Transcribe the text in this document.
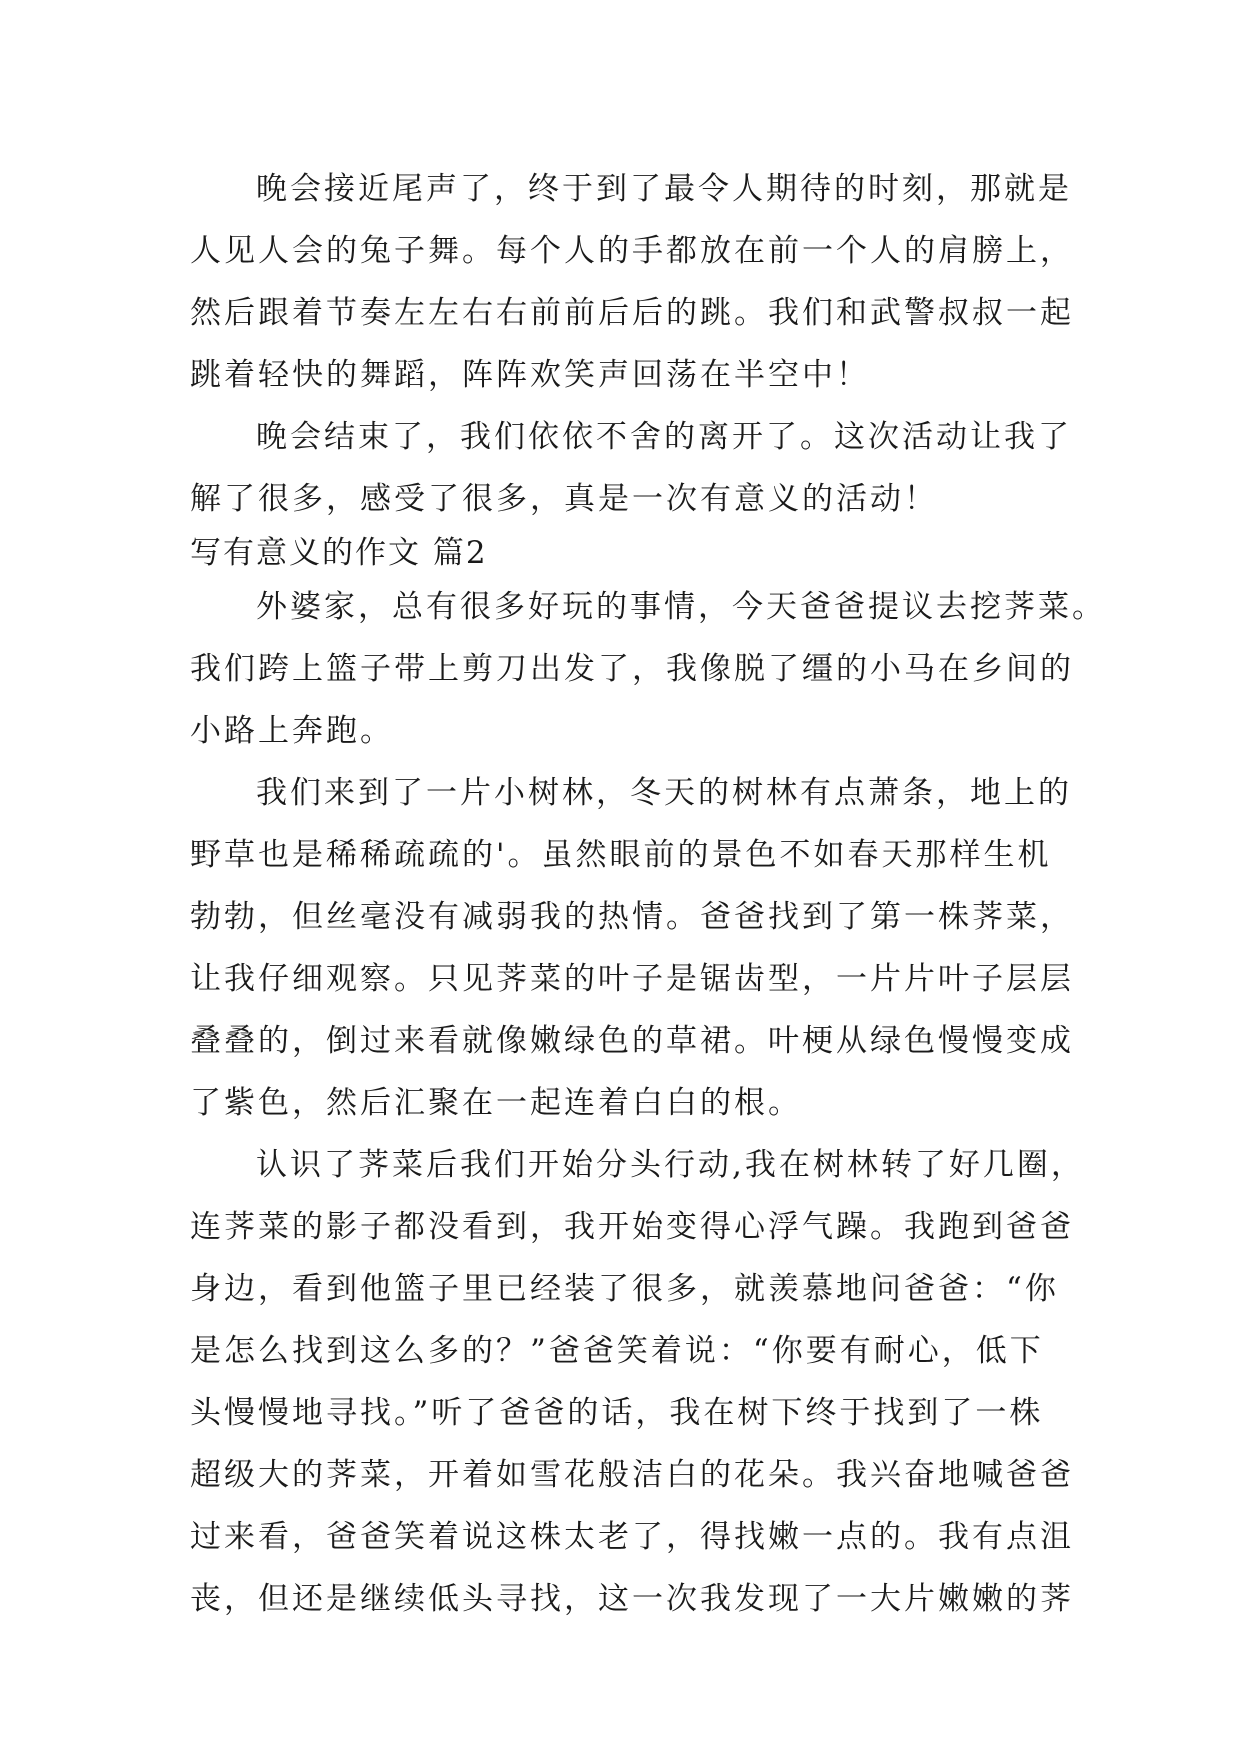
晚会接近尾声了，终于到了最令人期待的时刻，那就是
人见人会的兔子舞。每个人的手都放在前一个人的肩膀上，
然后跟着节奏左左右右前前后后的跳。我们和武警叔叔一起
跳着轻快的舞蹈，阵阵欢笑声回荡在半空中！
晚会结束了，我们依依不舍的离开了。这次活动让我了
解了很多，感受了很多，真是一次有意义的活动！
写有意义的作文 篇2
外婆家，总有很多好玩的事情，今天爸爸提议去挖荠菜。
我们跨上篮子带上剪刀出发了，我像脱了缰的小马在乡间的
小路上奔跑。
我们来到了一片小树林，冬天的树林有点萧条，地上的
野草也是稀稀疏疏的'。虽然眼前的景色不如春天那样生机
勃勃，但丝毫没有减弱我的热情。爸爸找到了第一株荠菜，
让我仔细观察。只见荠菜的叶子是锯齿型，一片片叶子层层
叠叠的，倒过来看就像嫩绿色的草裙。叶梗从绿色慢慢变成
了紫色，然后汇聚在一起连着白白的根。
认识了荠菜后我们开始分头行动,我在树林转了好几圈，
连荠菜的影子都没看到，我开始变得心浮气躁。我跑到爸爸
身边，看到他篮子里已经装了很多，就羡慕地问爸爸：“你
是怎么找到这么多的？”爸爸笑着说：“你要有耐心，低下
头慢慢地寻找。”听了爸爸的话，我在树下终于找到了一株
超级大的荠菜，开着如雪花般洁白的花朵。我兴奋地喊爸爸
过来看，爸爸笑着说这株太老了，得找嫩一点的。我有点沮
丧，但还是继续低头寻找，这一次我发现了一大片嫩嫩的荠
